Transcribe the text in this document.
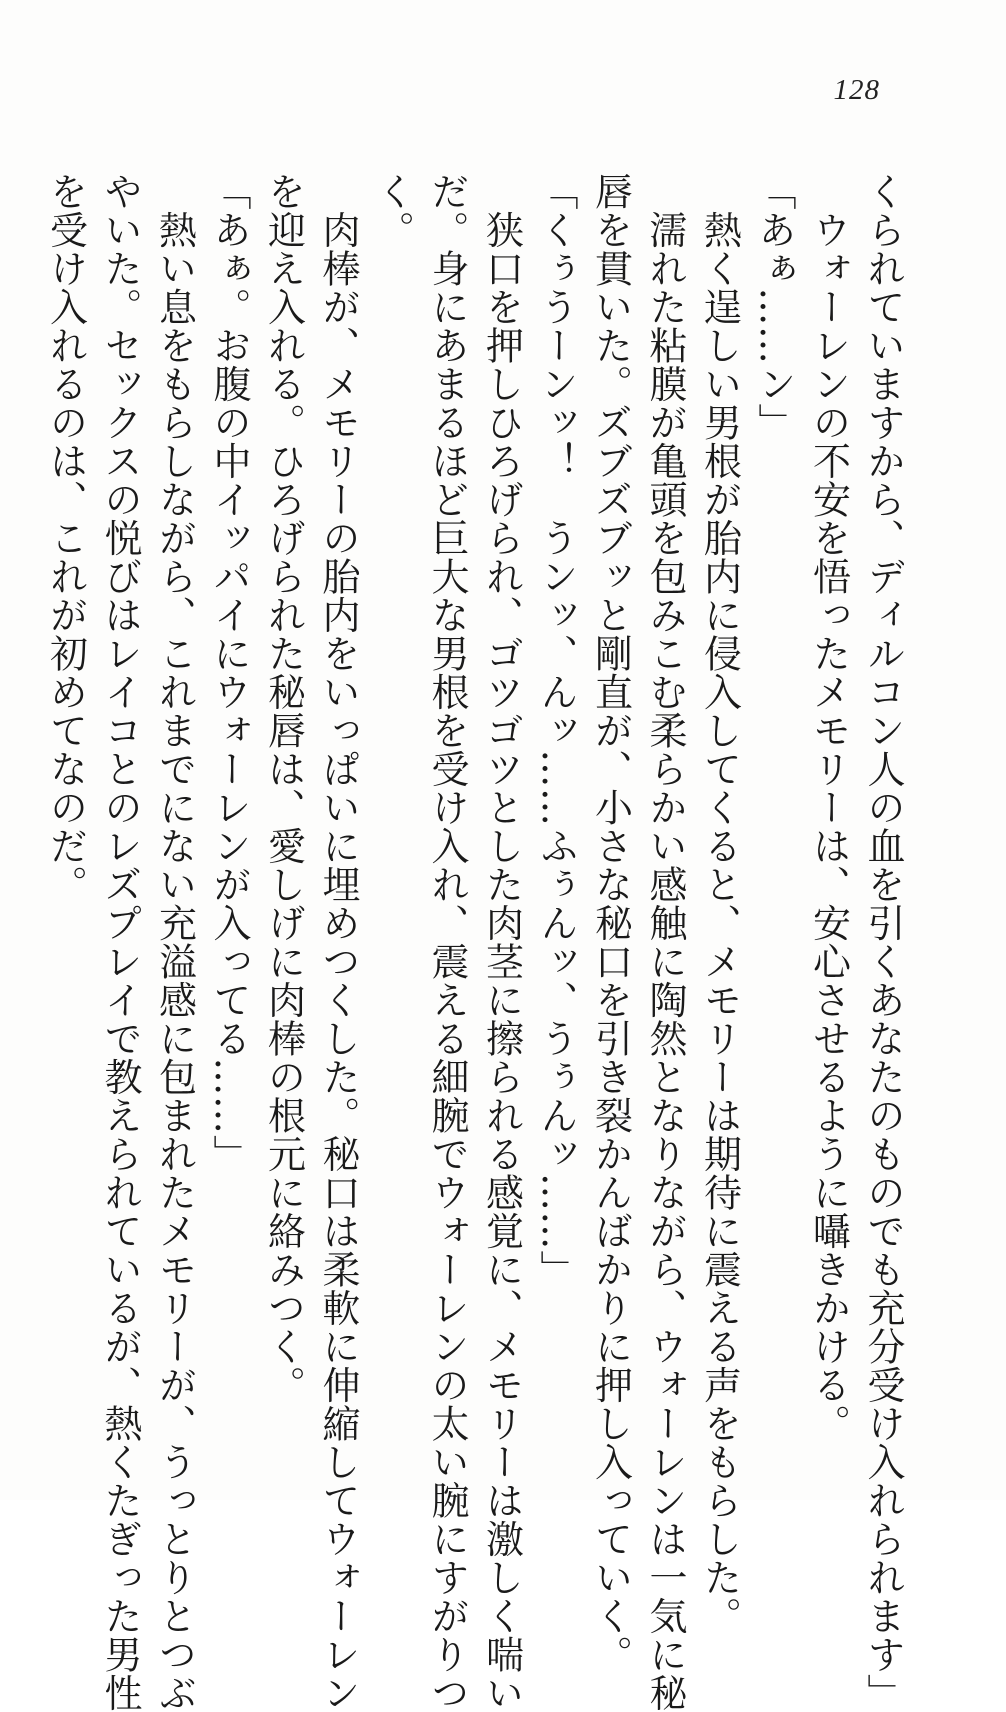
128
くられていますから、ディルコン人の血を引くあなたのものでも充分受け入れられます」
　ウォーレンの不安を悟ったメモリーは、安心させるように囁きかける。
「あぁ……ン」
　熱く逞しい男根が胎内に侵入してくると、メモリーは期待に震える声をもらした。
　濡れた粘膜が亀頭を包みこむ柔らかい感触に陶然となりながら、ウォーレンは一気に秘
唇を貫いた。ズブズブッと剛直が、小さな秘口を引き裂かんばかりに押し入っていく。
「くぅうーンッ！　うンッ、んッ……ふぅんッ、うぅんッ……」
　狭口を押しひろげられ、ゴツゴツとした肉茎に擦られる感覚に、メモリーは激しく喘い
だ。身にあまるほど巨大な男根を受け入れ、震える細腕でウォーレンの太い腕にすがりつ
く。
　肉棒が、メモリーの胎内をいっぱいに埋めつくした。秘口は柔軟に伸縮してウォーレン
を迎え入れる。ひろげられた秘唇は、愛しげに肉棒の根元に絡みつく。
「あぁ。お腹の中イッパイにウォーレンが入ってる……」
　熱い息をもらしながら、これまでにない充溢感に包まれたメモリーが、うっとりとつぶ
やいた。セックスの悦びはレイコとのレズプレイで教えられているが、熱くたぎった男性
を受け入れるのは、これが初めてなのだ。
